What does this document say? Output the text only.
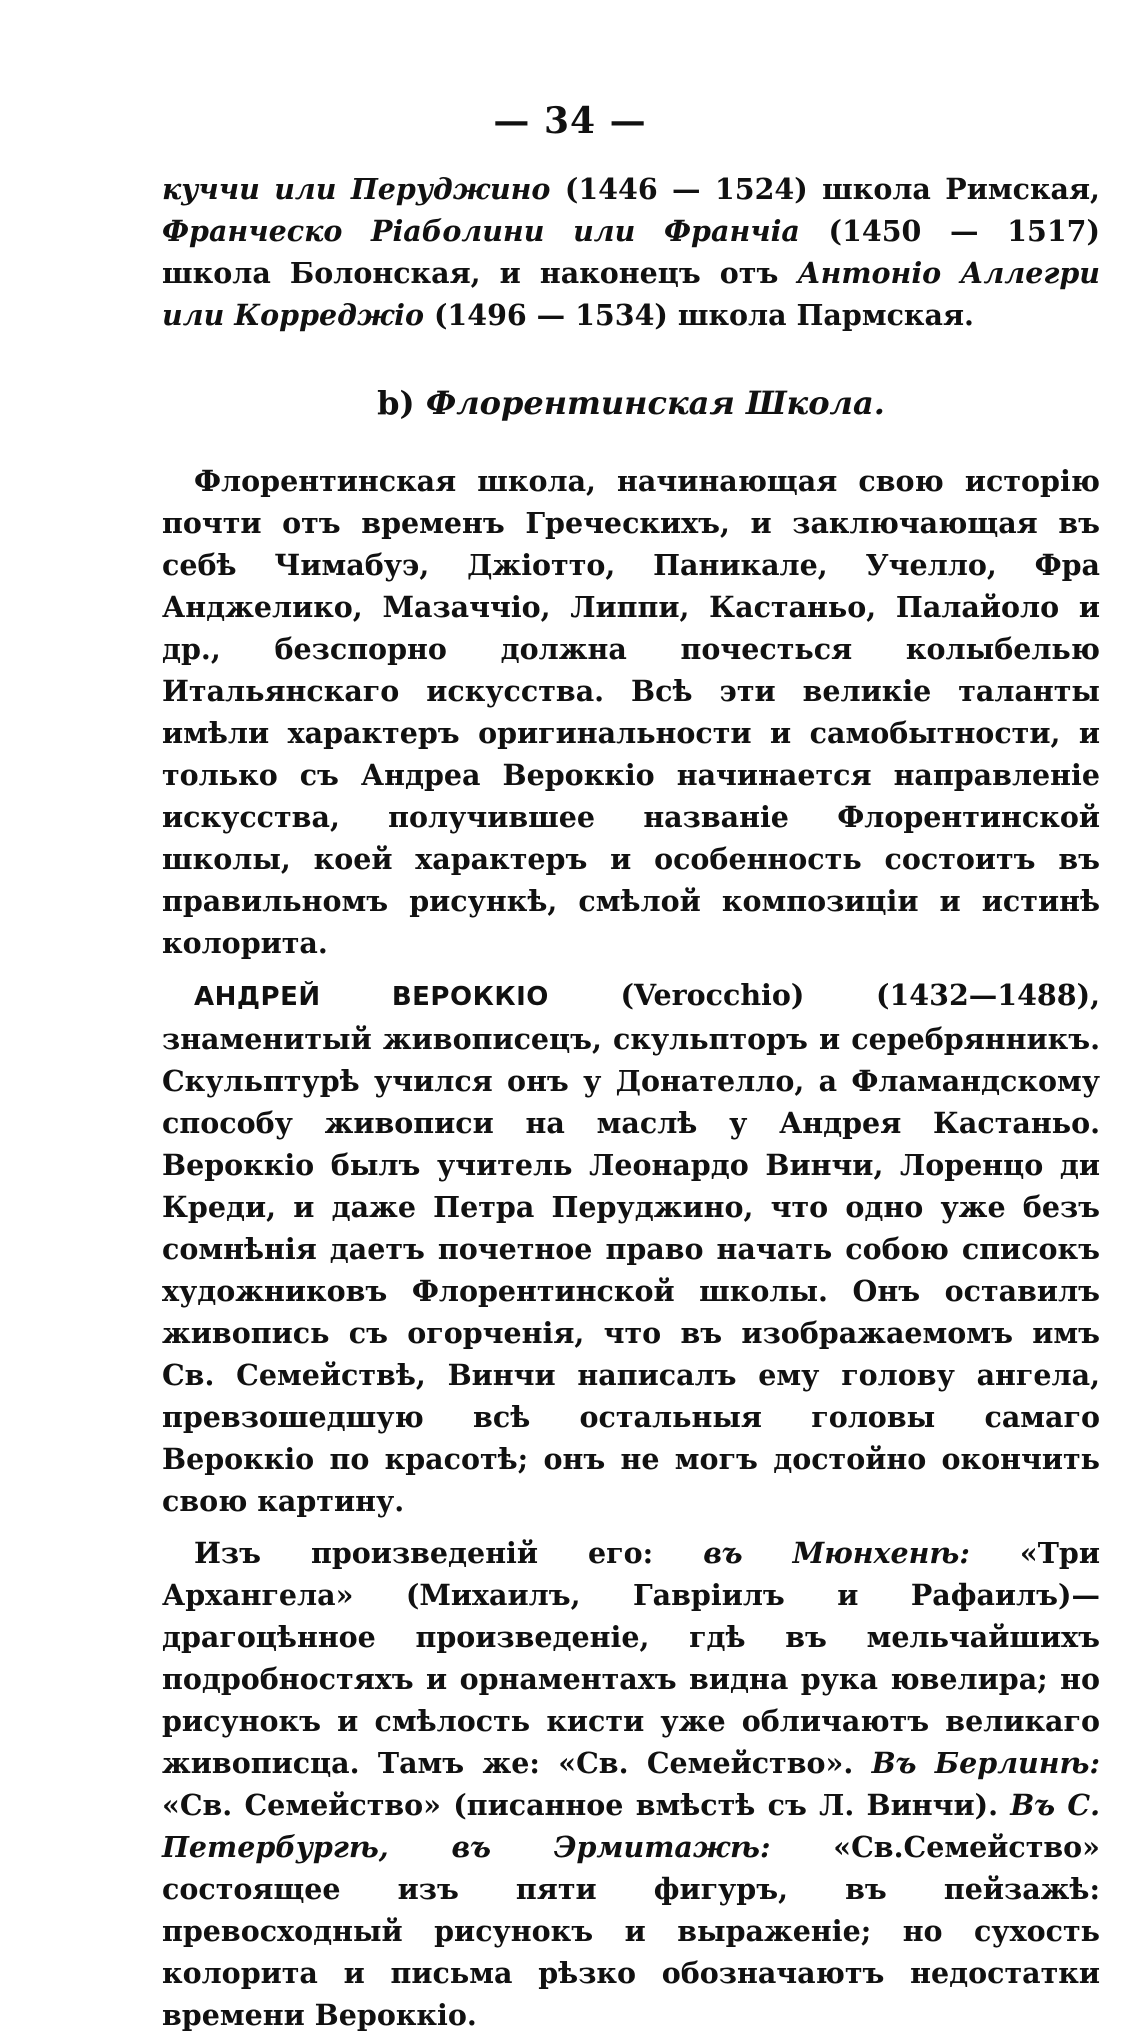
— 34 —

куччи или Перуджино (1446 — 1524) школа Римская, Франческо Ріаболини или Франчіа (1450 — 1517) школа Болонская, и наконецъ отъ Антоніо Аллегри или Корреджіо (1496 — 1534) школа Пармская.

b) Флорентинская Школа.

Флорентинская школа, начинающая свою исторію почти отъ временъ Греческихъ, и заключающая въ себѣ Чимабуэ, Джіотто, Паникале, Учелло, Фра Анджелико, Мазаччіо, Липпи, Кастаньо, Палайоло и др., безспорно должна почесться колыбелью Итальянскаго искусства. Всѣ эти великіе таланты имѣли характеръ оригинальности и самобытности, и только съ Андреа Вероккіо начинается направленіе искусства, получившее названіе Флорентинской школы, коей характеръ и особенность состоитъ въ правильномъ рисункѣ, смѣлой композиціи и истинѣ колорита.

АНДРЕЙ ВЕРОККІО (Verocchio) (1432—1488), знаменитый живописецъ, скульпторъ и серебрянникъ. Скульптурѣ учился онъ у Донателло, а Фламандскому способу живописи на маслѣ у Андрея Кастаньо. Вероккіо былъ учитель Леонардо Винчи, Лоренцо ди Креди, и даже Петра Перуджино, что одно уже безъ сомнѣнія даетъ почетное право начать собою списокъ художниковъ Флорентинской школы. Онъ оставилъ живопись съ огорченія, что въ изображаемомъ имъ Св. Семействѣ, Винчи написалъ ему голову ангела, превзошедшую всѣ остальныя головы самаго Вероккіо по красотѣ; онъ не могъ достойно окончить свою картину.

Изъ произведеній его: въ Мюнхенѣ: «Три Архангела» (Михаилъ, Гавріилъ и Рафаилъ)—драгоцѣнное произведеніе, гдѣ въ мельчайшихъ подробностяхъ и орнаментахъ видна рука ювелира; но рисунокъ и смѣлость кисти уже обличаютъ великаго живописца. Тамъ же: «Св. Семейство». Въ Берлинѣ: «Св. Семейство» (писанное вмѣстѣ съ Л. Винчи). Въ С. Петербургѣ, въ Эрмитажѣ: «Св.Семейство» состоящее изъ пяти фигуръ, въ пейзажѣ: превосходный рисунокъ и выраженіе; но сухость колорита и письма рѣзко обозначаютъ недостатки времени Вероккіо.
